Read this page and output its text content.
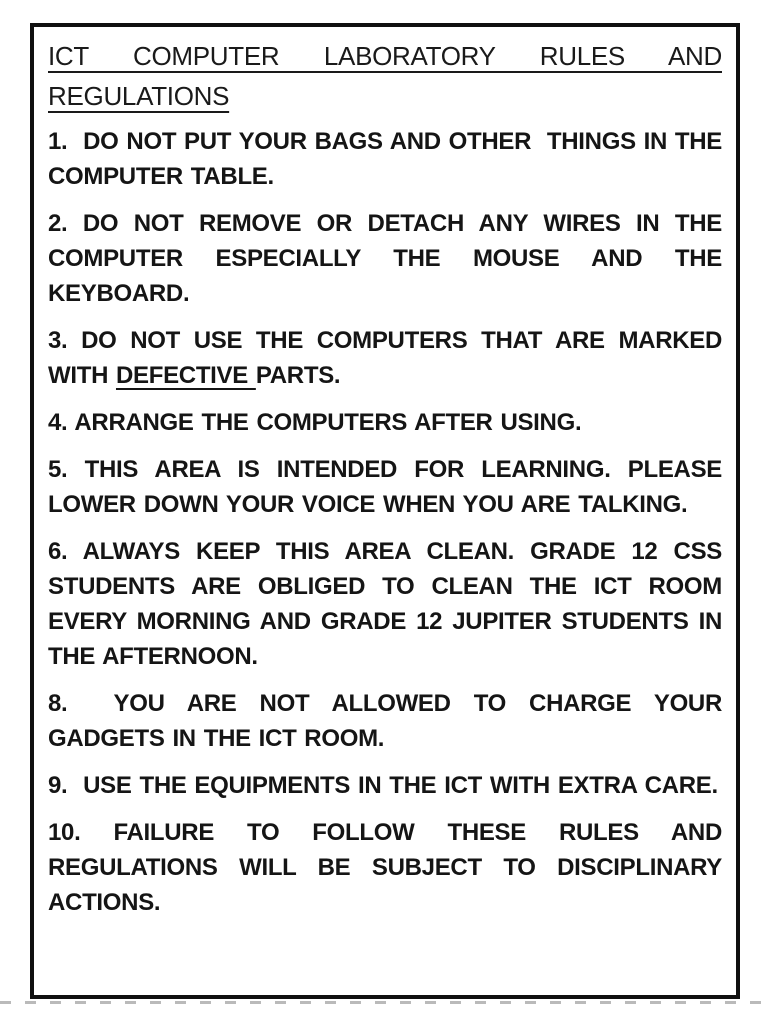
ICT COMPUTER LABORATORY RULES AND
REGULATIONS

1.  DO NOT PUT YOUR BAGS AND OTHER  THINGS IN THE COMPUTER TABLE.

2. DO NOT REMOVE OR DETACH ANY WIRES IN THE COMPUTER ESPECIALLY THE MOUSE AND THE KEYBOARD.

3. DO NOT USE THE COMPUTERS THAT ARE MARKED WITH DEFECTIVE PARTS.

4. ARRANGE THE COMPUTERS AFTER USING.

5. THIS AREA IS INTENDED FOR LEARNING. PLEASE LOWER DOWN YOUR VOICE WHEN YOU ARE TALKING.

6. ALWAYS KEEP THIS AREA CLEAN. GRADE 12 CSS STUDENTS ARE OBLIGED TO CLEAN THE ICT ROOM EVERY MORNING AND GRADE 12 JUPITER STUDENTS IN THE AFTERNOON.

8.  YOU ARE NOT ALLOWED TO CHARGE YOUR GADGETS IN THE ICT ROOM.

9.  USE THE EQUIPMENTS IN THE ICT WITH EXTRA CARE.

10. FAILURE TO FOLLOW THESE RULES AND REGULATIONS WILL BE SUBJECT TO DISCIPLINARY ACTIONS.
